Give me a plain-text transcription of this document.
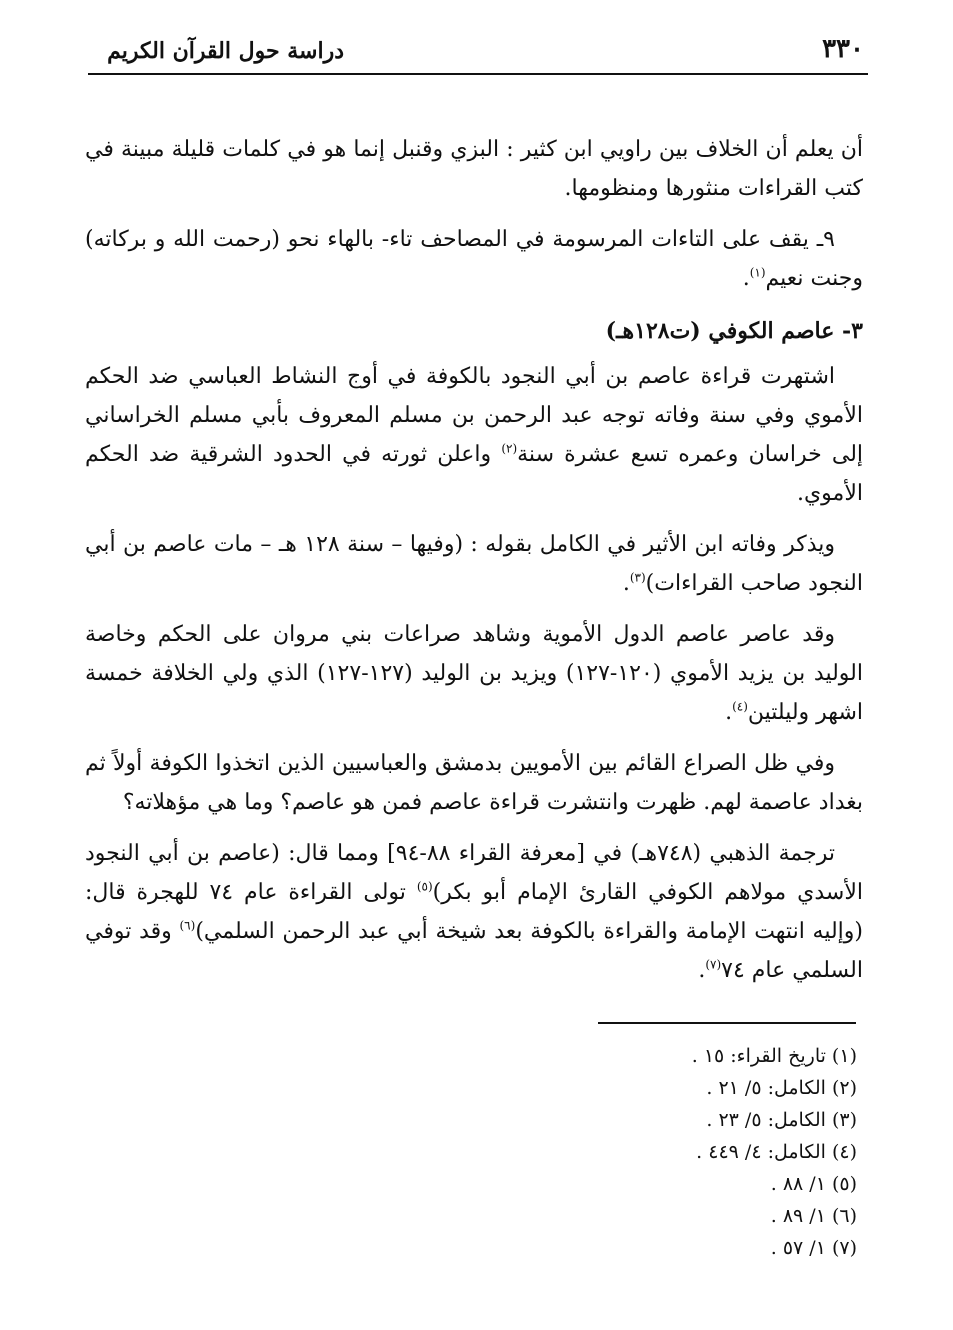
٣٣٠
دراسة حول القرآن الكريم

أن يعلم أن الخلاف بين راويي ابن كثير : البزي وقنبل إنما هو في كلمات قليلة مبينة في كتب القراءات منثورها ومنظومها.

٩ـ يقف على التاءات المرسومة في المصاحف تاء- بالهاء نحو (رحمت الله و بركاته) وجنت نعيم$^{(١)}$.

٣- عاصم الكوفي (ت١٢٨هـ)

اشتهرت قراءة عاصم بن أبي النجود بالكوفة في أوج النشاط العباسي ضد الحكم الأموي وفي سنة وفاته توجه عبد الرحمن بن مسلم المعروف بأبي مسلم الخراساني إلى خراسان وعمره تسع عشرة سنة$^{(٢)}$ واعلن ثورته في الحدود الشرقية ضد الحكم الأموي.

ويذكر وفاته ابن الأثير في الكامل بقوله : (وفيها – سنة ١٢٨ هـ – مات عاصم بن أبي النجود صاحب القراءات)$^{(٣)}$.

وقد عاصر عاصم الدول الأموية وشاهد صراعات بني مروان على الحكم وخاصة الوليد بن يزيد الأموي (١٢٠-١٢٧) ويزيد بن الوليد (١٢٧-١٢٧) الذي ولي الخلافة خمسة اشهر وليلتين$^{(٤)}$.

وفي ظل الصراع القائم بين الأمويين بدمشق والعباسيين الذين اتخذوا الكوفة أولاً ثم بغداد عاصمة لهم. ظهرت وانتشرت قراءة عاصم فمن هو عاصم؟ وما هي مؤهلاته؟

ترجمة الذهبي (٧٤٨هـ) في [معرفة القراء ٨٨-٩٤] ومما قال: (عاصم بن أبي النجود الأسدي مولاهم الكوفي القارئ الإمام أبو بكر)$^{(٥)}$ تولى القراءة عام ٧٤ للهجرة قال: (وإليه انتهت الإمامة والقراءة بالكوفة بعد شيخة أبي عبد الرحمن السلمي)$^{(٦)}$ وقد توفي السلمي عام ٧٤$^{(٧)}$.

(١) تاريخ القراء: ١٥ .
(٢) الكامل: ٥/ ٢١ .
(٣) الكامل: ٥/ ٢٣ .
(٤) الكامل: ٤/ ٤٤٩ .
(٥) ١/ ٨٨ .
(٦) ١/ ٨٩ .
(٧) ١/ ٥٧ .
